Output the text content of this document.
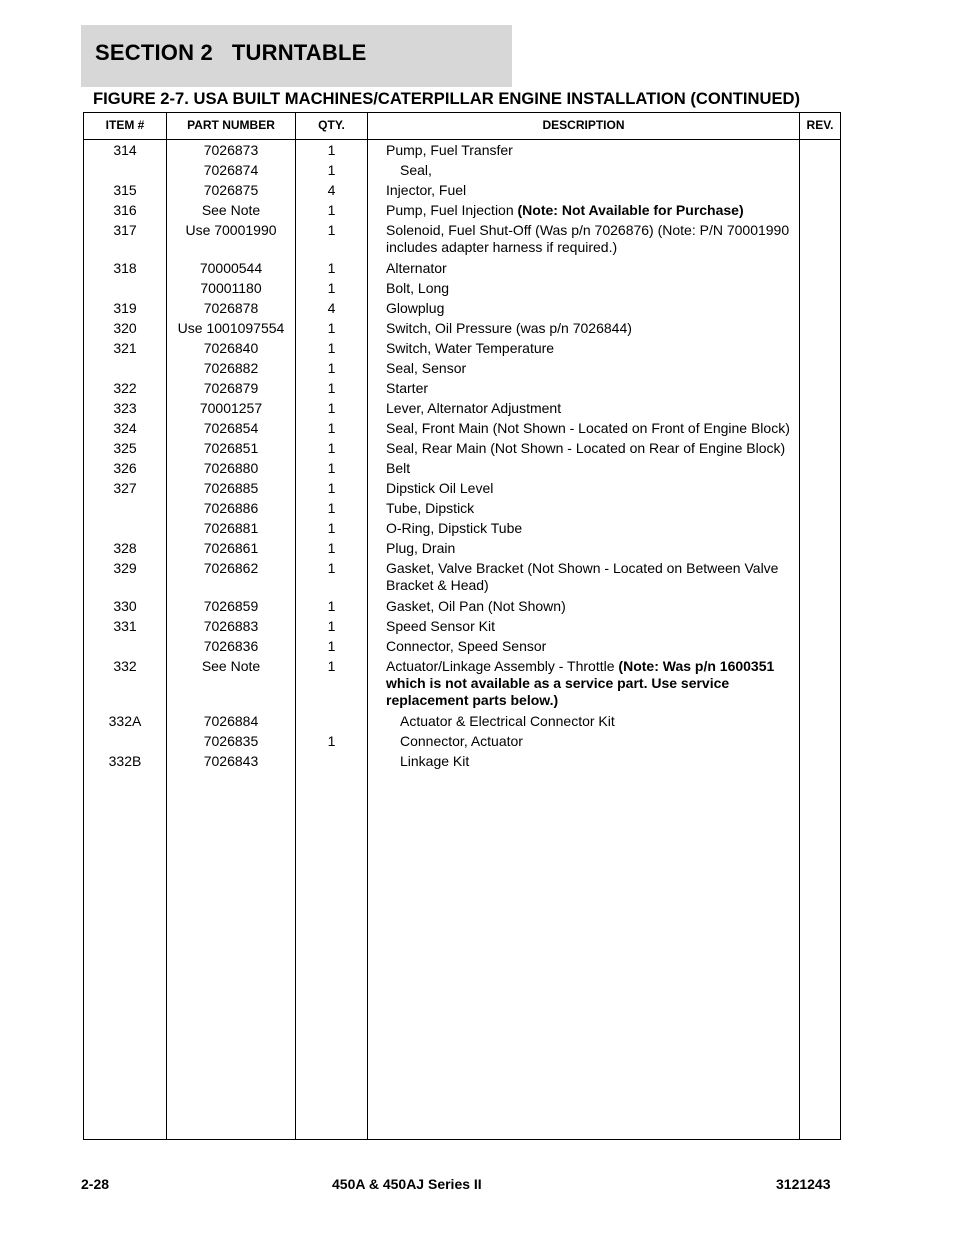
SECTION 2 TURNTABLE
FIGURE 2-7. USA BUILT MACHINES/CATERPILLAR ENGINE INSTALLATION (CONTINUED)
ITEM #	PART NUMBER	QTY.	DESCRIPTION	REV.
314	7026873	1	Pump, Fuel Transfer
7026874	1	Seal,
315	7026875	4	Injector, Fuel
316	See Note	1	Pump, Fuel Injection (Note: Not Available for Purchase)
317	Use 70001990	1	Solenoid, Fuel Shut-Off (Was p/n 7026876) (Note: P/N 70001990 includes adapter harness if required.)
318	70000544	1	Alternator
70001180	1	Bolt, Long
319	7026878	4	Glowplug
320	Use 1001097554	1	Switch, Oil Pressure (was p/n 7026844)
321	7026840	1	Switch, Water Temperature
7026882	1	Seal, Sensor
322	7026879	1	Starter
323	70001257	1	Lever, Alternator Adjustment
324	7026854	1	Seal, Front Main (Not Shown - Located on Front of Engine Block)
325	7026851	1	Seal, Rear Main (Not Shown - Located on Rear of Engine Block)
326	7026880	1	Belt
327	7026885	1	Dipstick Oil Level
7026886	1	Tube, Dipstick
7026881	1	O-Ring, Dipstick Tube
328	7026861	1	Plug, Drain
329	7026862	1	Gasket, Valve Bracket (Not Shown - Located on Between Valve Bracket & Head)
330	7026859	1	Gasket, Oil Pan (Not Shown)
331	7026883	1	Speed Sensor Kit
7026836	1	Connector, Speed Sensor
332	See Note	1	Actuator/Linkage Assembly - Throttle (Note: Was p/n 1600351 which is not available as a service part. Use service replacement parts below.)
332A	7026884	Actuator & Electrical Connector Kit
7026835	1	Connector, Actuator
332B	7026843	Linkage Kit
2-28	450A & 450AJ Series II	3121243
